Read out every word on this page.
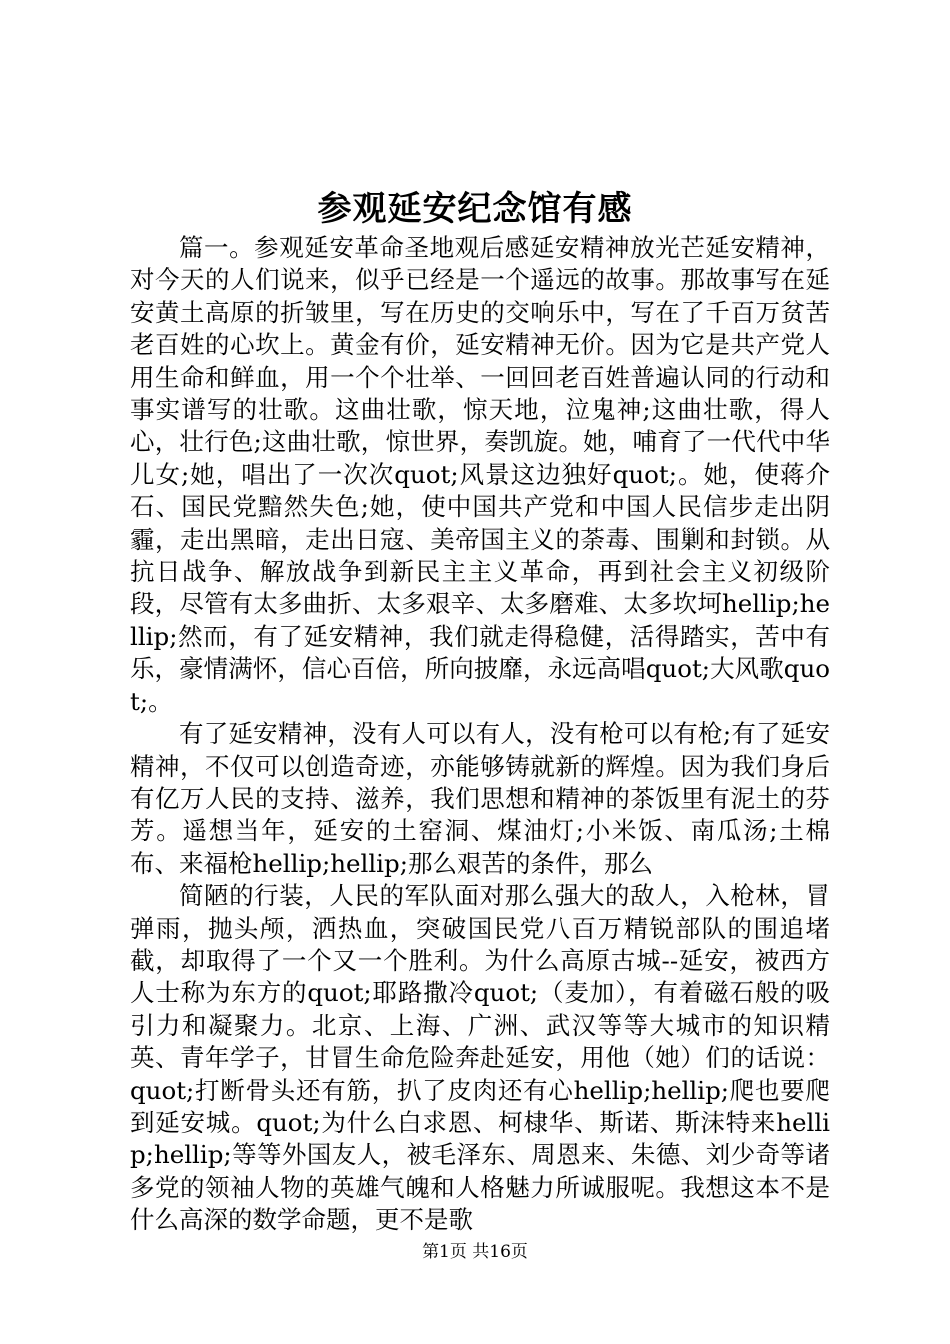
参观延安纪念馆有感

篇一。参观延安革命圣地观后感延安精神放光芒延安精神，对今天的人们说来，似乎已经是一个遥远的故事。那故事写在延安黄土高原的折皱里，写在历史的交响乐中，写在了千百万贫苦老百姓的心坎上。黄金有价，延安精神无价。因为它是共产党人用生命和鲜血，用一个个壮举、一回回老百姓普遍认同的行动和事实谱写的壮歌。这曲壮歌，惊天地，泣鬼神;这曲壮歌，得人心，壮行色;这曲壮歌，惊世界，奏凯旋。她，哺育了一代代中华儿女;她，唱出了一次次quot;风景这边独好quot;。她，使蒋介石、国民党黯然失色;她，使中国共产党和中国人民信步走出阴霾，走出黑暗，走出日寇、美帝国主义的荼毒、围剿和封锁。从抗日战争、解放战争到新民主主义革命，再到社会主义初级阶段，尽管有太多曲折、太多艰辛、太多磨难、太多坎坷hellip;hellip;然而，有了延安精神，我们就走得稳健，活得踏实，苦中有乐，豪情满怀，信心百倍，所向披靡，永远高唱quot;大风歌quot;。

有了延安精神，没有人可以有人，没有枪可以有枪;有了延安精神，不仅可以创造奇迹，亦能够铸就新的辉煌。因为我们身后有亿万人民的支持、滋养，我们思想和精神的茶饭里有泥土的芬芳。遥想当年，延安的土窑洞、煤油灯;小米饭、南瓜汤;土棉布、来福枪hellip;hellip;那么艰苦的条件，那么

简陋的行装，人民的军队面对那么强大的敌人，入枪林，冒弹雨，抛头颅，洒热血，突破国民党八百万精锐部队的围追堵截，却取得了一个又一个胜利。为什么高原古城--延安，被西方人士称为东方的quot;耶路撒冷quot;（麦加），有着磁石般的吸引力和凝聚力。北京、上海、广洲、武汉等等大城市的知识精英、青年学子，甘冒生命危险奔赴延安，用他（她）们的话说：quot;打断骨头还有筋，扒了皮肉还有心hellip;hellip;爬也要爬到延安城。quot;为什么白求恩、柯棣华、斯诺、斯沫特来hellip;hellip;等等外国友人，被毛泽东、周恩来、朱德、刘少奇等诸多党的领袖人物的英雄气魄和人格魅力所诚服呢。我想这本不是什么高深的数学命题，更不是歌

第1页 共16页
